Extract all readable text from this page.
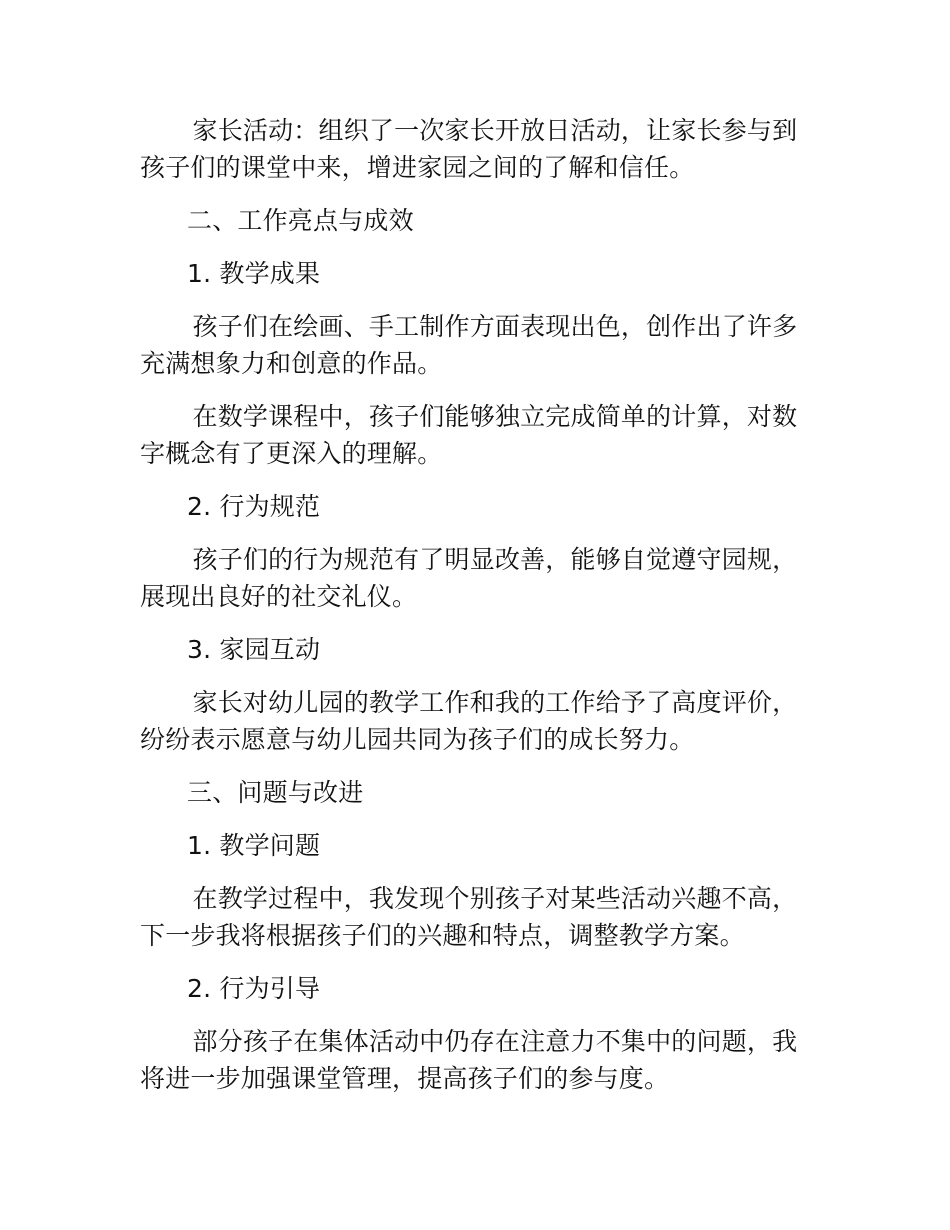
家长活动：组织了一次家长开放日活动，让家长参与到孩子们的课堂中来，增进家园之间的了解和信任。

二、工作亮点与成效
1. 教学成果

孩子们在绘画、手工制作方面表现出色，创作出了许多充满想象力和创意的作品。

在数学课程中，孩子们能够独立完成简单的计算，对数字概念有了更深入的理解。

2. 行为规范

孩子们的行为规范有了明显改善，能够自觉遵守园规，展现出良好的社交礼仪。

3. 家园互动

家长对幼儿园的教学工作和我的工作给予了高度评价，纷纷表示愿意与幼儿园共同为孩子们的成长努力。

三、问题与改进
1. 教学问题

在教学过程中，我发现个别孩子对某些活动兴趣不高，下一步我将根据孩子们的兴趣和特点，调整教学方案。

2. 行为引导

部分孩子在集体活动中仍存在注意力不集中的问题，我将进一步加强课堂管理，提高孩子们的参与度。
